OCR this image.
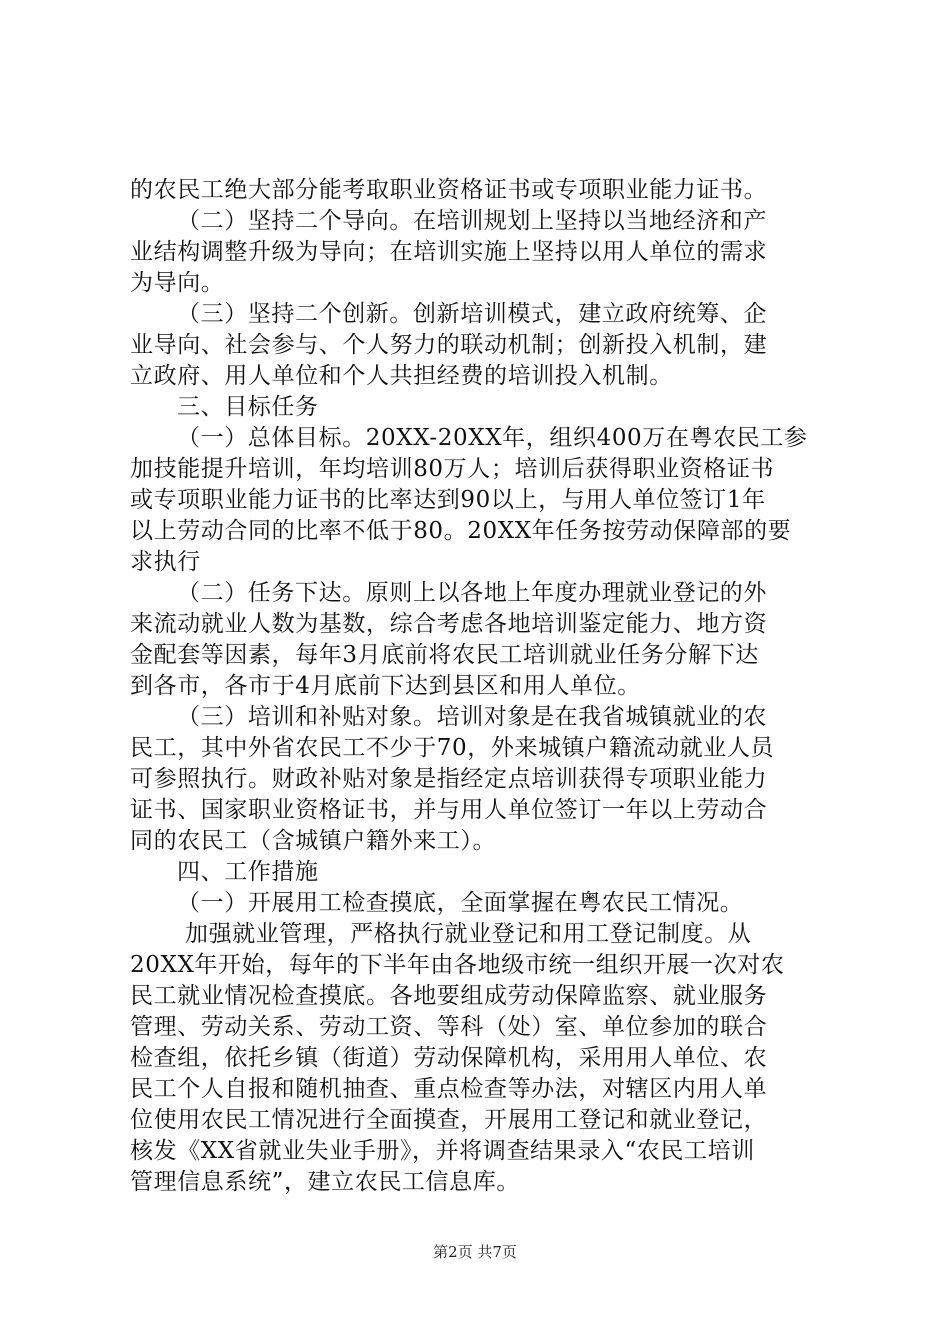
的农民工绝大部分能考取职业资格证书或专项职业能力证书。
（二）坚持二个导向。在培训规划上坚持以当地经济和产
业结构调整升级为导向；在培训实施上坚持以用人单位的需求
为导向。
（三）坚持二个创新。创新培训模式，建立政府统筹、企
业导向、社会参与、个人努力的联动机制；创新投入机制，建
立政府、用人单位和个人共担经费的培训投入机制。
三、目标任务
（一）总体目标。20XX-20XX年，组织400万在粤农民工参
加技能提升培训，年均培训80万人；培训后获得职业资格证书
或专项职业能力证书的比率达到90以上，与用人单位签订1年
以上劳动合同的比率不低于80。20XX年任务按劳动保障部的要
求执行
（二）任务下达。原则上以各地上年度办理就业登记的外
来流动就业人数为基数，综合考虑各地培训鉴定能力、地方资
金配套等因素，每年3月底前将农民工培训就业任务分解下达
到各市，各市于4月底前下达到县区和用人单位。
（三）培训和补贴对象。培训对象是在我省城镇就业的农
民工，其中外省农民工不少于70，外来城镇户籍流动就业人员
可参照执行。财政补贴对象是指经定点培训获得专项职业能力
证书、国家职业资格证书，并与用人单位签订一年以上劳动合
同的农民工（含城镇户籍外来工）。
四、工作措施
（一）开展用工检查摸底，全面掌握在粤农民工情况。
加强就业管理，严格执行就业登记和用工登记制度。从
20XX年开始，每年的下半年由各地级市统一组织开展一次对农
民工就业情况检查摸底。各地要组成劳动保障监察、就业服务
管理、劳动关系、劳动工资、等科（处）室、单位参加的联合
检查组，依托乡镇（街道）劳动保障机构，采用用人单位、农
民工个人自报和随机抽查、重点检查等办法，对辖区内用人单
位使用农民工情况进行全面摸查，开展用工登记和就业登记，
核发《XX省就业失业手册》，并将调查结果录入“农民工培训
管理信息系统”，建立农民工信息库。
第2页 共7页
